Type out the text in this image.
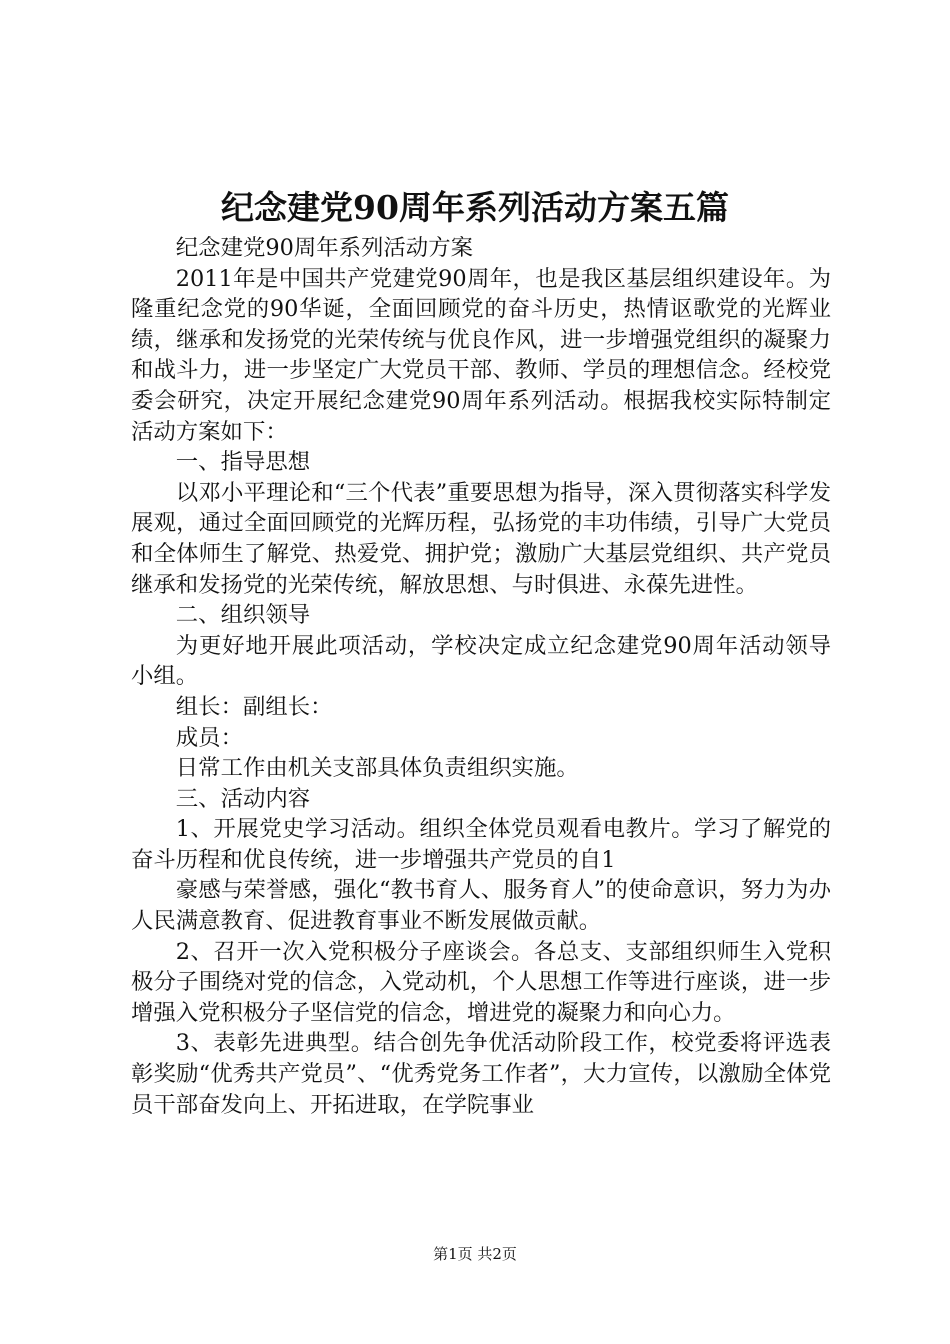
纪念建党90周年系列活动方案五篇

纪念建党90周年系列活动方案

2011年是中国共产党建党90周年，也是我区基层组织建设年。为隆重纪念党的90华诞，全面回顾党的奋斗历史，热情讴歌党的光辉业绩，继承和发扬党的光荣传统与优良作风，进一步增强党组织的凝聚力和战斗力，进一步坚定广大党员干部、教师、学员的理想信念。经校党委会研究，决定开展纪念建党90周年系列活动。根据我校实际特制定活动方案如下：

一、指导思想

以邓小平理论和“三个代表”重要思想为指导，深入贯彻落实科学发展观，通过全面回顾党的光辉历程，弘扬党的丰功伟绩，引导广大党员和全体师生了解党、热爱党、拥护党；激励广大基层党组织、共产党员继承和发扬党的光荣传统，解放思想、与时俱进、永葆先进性。

二、组织领导

为更好地开展此项活动，学校决定成立纪念建党90周年活动领导小组。

组长：副组长：

成员：

日常工作由机关支部具体负责组织实施。

三、活动内容

1、开展党史学习活动。组织全体党员观看电教片。学习了解党的奋斗历程和优良传统，进一步增强共产党员的自1

豪感与荣誉感，强化“教书育人、服务育人”的使命意识，努力为办人民满意教育、促进教育事业不断发展做贡献。

2、召开一次入党积极分子座谈会。各总支、支部组织师生入党积极分子围绕对党的信念，入党动机，个人思想工作等进行座谈，进一步增强入党积极分子坚信党的信念，增进党的凝聚力和向心力。

3、表彰先进典型。结合创先争优活动阶段工作，校党委将评选表彰奖励“优秀共产党员”、“优秀党务工作者”，大力宣传，以激励全体党员干部奋发向上、开拓进取，在学院事业

第1页 共2页
